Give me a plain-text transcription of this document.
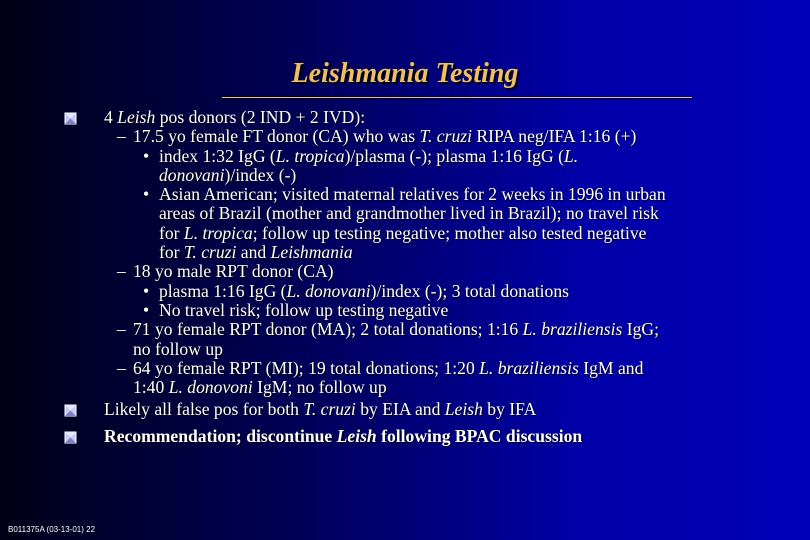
Leishmania Testing
4 Leish pos donors (2 IND + 2 IVD):
– 17.5 yo female FT donor (CA) who was T. cruzi RIPA neg/IFA 1:16 (+)
• index 1:32 IgG (L. tropica)/plasma (-); plasma 1:16 IgG (L.
donovani)/index (-)
• Asian American; visited maternal relatives for 2 weeks in 1996 in urban
areas of Brazil (mother and grandmother lived in Brazil); no travel risk
for L. tropica; follow up testing negative; mother also tested negative
for T. cruzi and Leishmania
– 18 yo male RPT donor (CA)
• plasma 1:16 IgG (L. donovani)/index (-); 3 total donations
• No travel risk; follow up testing negative
– 71 yo female RPT donor (MA); 2 total donations; 1:16 L. braziliensis IgG;
no follow up
– 64 yo female RPT (MI); 19 total donations; 1:20 L. braziliensis IgM and
1:40 L. donovoni IgM; no follow up
Likely all false pos for both T. cruzi by EIA and Leish by IFA
Recommendation; discontinue Leish following BPAC discussion
B011375A (03-13-01) 22
